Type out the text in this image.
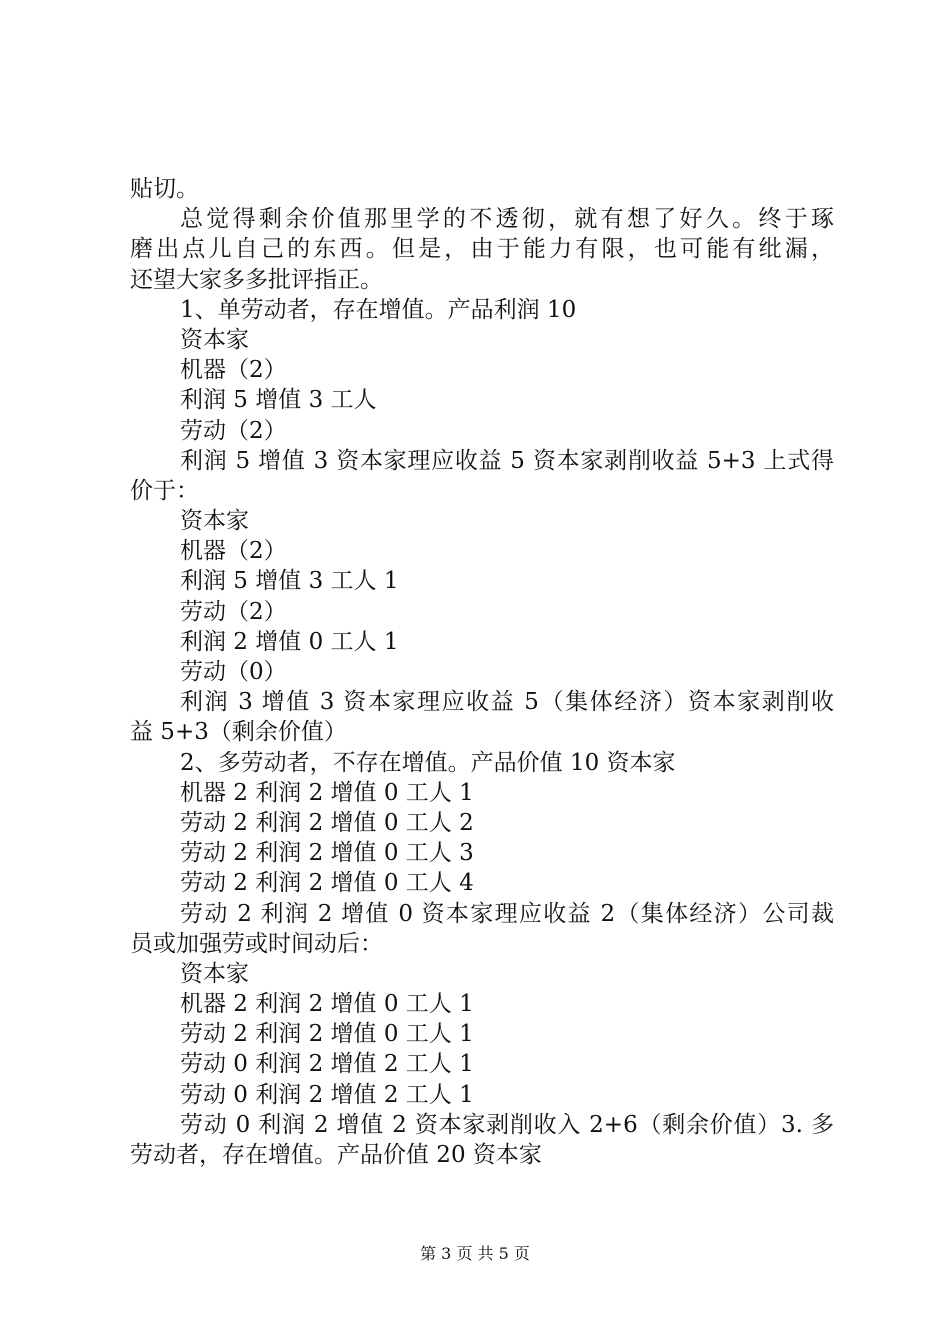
贴切。
总觉得剩余价值那里学的不透彻，就有想了好久。终于琢
磨出点儿自己的东西。但是，由于能力有限，也可能有纰漏，
还望大家多多批评指正。
1、单劳动者，存在增值。产品利润 10
资本家
机器（2）
利润 5 增值 3 工人
劳动（2）
利润 5 增值 3 资本家理应收益 5 资本家剥削收益 5+3 上式得
价于：
资本家
机器（2）
利润 5 增值 3 工人 1
劳动（2）
利润 2 增值 0 工人 1
劳动（0）
利润 3 增值 3 资本家理应收益 5（集体经济）资本家剥削收
益 5+3（剩余价值）
2、多劳动者，不存在增值。产品价值 10 资本家
机器 2 利润 2 增值 0 工人 1
劳动 2 利润 2 增值 0 工人 2
劳动 2 利润 2 增值 0 工人 3
劳动 2 利润 2 增值 0 工人 4
劳动 2 利润 2 增值 0 资本家理应收益 2（集体经济）公司裁
员或加强劳或时间动后：
资本家
机器 2 利润 2 增值 0 工人 1
劳动 2 利润 2 增值 0 工人 1
劳动 0 利润 2 增值 2 工人 1
劳动 0 利润 2 增值 2 工人 1
劳动 0 利润 2 增值 2 资本家剥削收入 2+6（剩余价值）3. 多
劳动者，存在增值。产品价值 20 资本家
第 3 页 共 5 页
